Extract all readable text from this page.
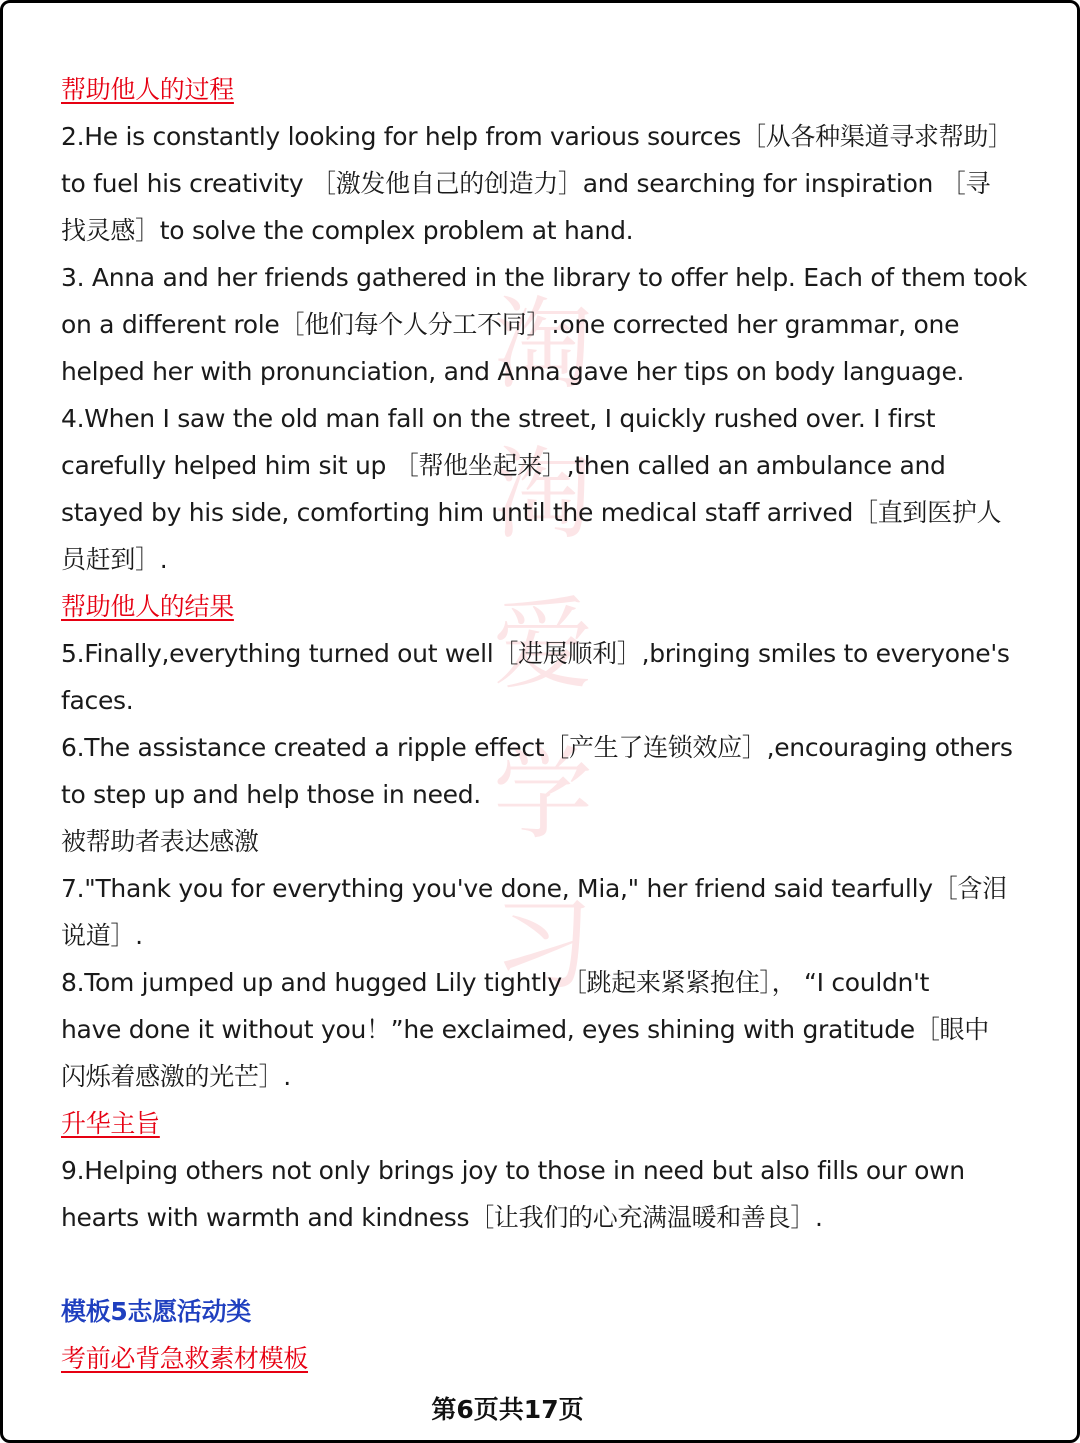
淘
淘
爱
学
习
帮助他人的过程
2.He is constantly looking for help from various sources［从各种渠道寻求帮助］
to fuel his creativity ［激发他自己的创造力］and searching for inspiration ［寻
找灵感］to solve the complex problem at hand.
3. Anna and her friends gathered in the library to offer help. Each of them took
on a different role［他们每个人分工不同］:one corrected her grammar, one
helped her with pronunciation, and Anna gave her tips on body language.
4.When I saw the old man fall on the street, I quickly rushed over. I first
carefully helped him sit up ［帮他坐起来］,then called an ambulance and
stayed by his side, comforting him until the medical staff arrived［直到医护人
员赶到］.
帮助他人的结果
5.Finally,everything turned out well［进展顺利］,bringing smiles to everyone's
faces.
6.The assistance created a ripple effect［产生了连锁效应］,encouraging others
to step up and help those in need.
被帮助者表达感激
7."Thank you for everything you've done, Mia," her friend said tearfully［含泪
说道］.
8.Tom jumped up and hugged Lily tightly［跳起来紧紧抱住］， “I couldn't
have done it without you！”he exclaimed, eyes shining with gratitude［眼中
闪烁着感激的光芒］.
升华主旨
9.Helping others not only brings joy to those in need but also fills our own
hearts with warmth and kindness［让我们的心充满温暖和善良］.
模板5志愿活动类
考前必背急救素材模板
第6页共17页
